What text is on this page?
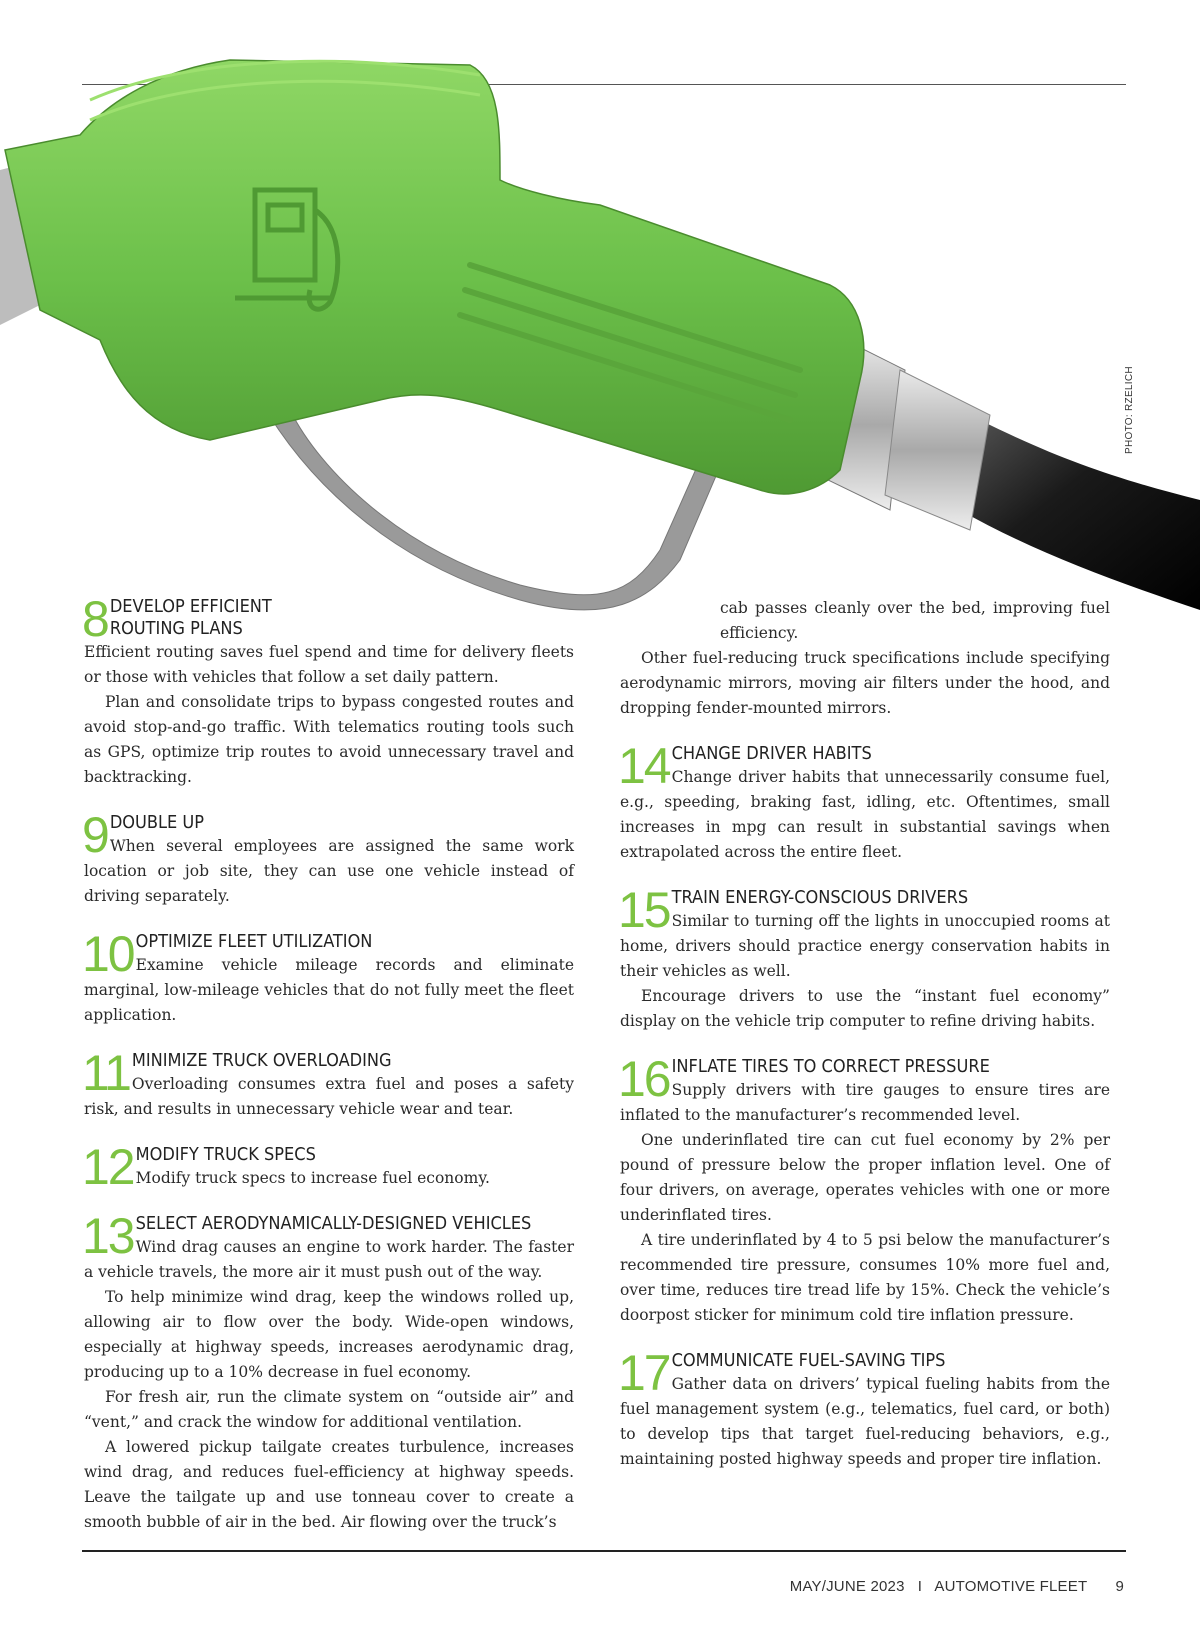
PHOTO: RZELICH
8 DEVELOP EFFICIENT
ROUTING PLANS

Efficient routing saves fuel spend and time for delivery fleets or those with vehicles that follow a set daily pattern.

Plan and consolidate trips to bypass congested routes and avoid stop-and-go traffic. With telematics routing tools such as GPS, optimize trip routes to avoid unnecessary travel and backtracking.

9 DOUBLE UP

When several employees are assigned the same work location or job site, they can use one vehicle instead of driving separately.

10 OPTIMIZE FLEET UTILIZATION

Examine vehicle mileage records and eliminate marginal, low-mileage vehicles that do not fully meet the fleet application.

11 MINIMIZE TRUCK OVERLOADING

Overloading consumes extra fuel and poses a safety risk, and results in unnecessary vehicle wear and tear.

12 MODIFY TRUCK SPECS

Modify truck specs to increase fuel economy.

13 SELECT AERODYNAMICALLY-DESIGNED VEHICLES

Wind drag causes an engine to work harder. The faster a vehicle travels, the more air it must push out of the way.

To help minimize wind drag, keep the windows rolled up, allowing air to flow over the body. Wide-open windows, especially at highway speeds, increases aerodynamic drag, producing up to a 10% decrease in fuel economy.

For fresh air, run the climate system on “outside air” and “vent,” and crack the window for additional ventilation.

A lowered pickup tailgate creates turbulence, increases wind drag, and reduces fuel-efficiency at highway speeds. Leave the tailgate up and use tonneau cover to create a smooth bubble of air in the bed. Air flowing over the truck’s

cab passes cleanly over the bed, improving fuel efficiency.

Other fuel-reducing truck specifications include specifying aerodynamic mirrors, moving air filters under the hood, and dropping fender-mounted mirrors.

14 CHANGE DRIVER HABITS

Change driver habits that unnecessarily consume fuel, e.g., speeding, braking fast, idling, etc. Oftentimes, small increases in mpg can result in substantial savings when extrapolated across the entire fleet.

15 TRAIN ENERGY-CONSCIOUS DRIVERS

Similar to turning off the lights in unoccupied rooms at home, drivers should practice energy conservation habits in their vehicles as well.

Encourage drivers to use the “instant fuel economy” display on the vehicle trip computer to refine driving habits.

16 INFLATE TIRES TO CORRECT PRESSURE

Supply drivers with tire gauges to ensure tires are inflated to the manufacturer’s recommended level.

One underinflated tire can cut fuel economy by 2% per pound of pressure below the proper inflation level. One of four drivers, on average, operates vehicles with one or more underinflated tires.

A tire underinflated by 4 to 5 psi below the manufacturer’s recommended tire pressure, consumes 10% more fuel and, over time, reduces tire tread life by 15%. Check the vehicle’s doorpost sticker for minimum cold tire inflation pressure.

17 COMMUNICATE FUEL-SAVING TIPS

Gather data on drivers’ typical fueling habits from the fuel management system (e.g., telematics, fuel card, or both) to develop tips that target fuel-reducing behaviors, e.g., maintaining posted highway speeds and proper tire inflation.

MAY/JUNE 2023 I AUTOMOTIVE FLEET 9
